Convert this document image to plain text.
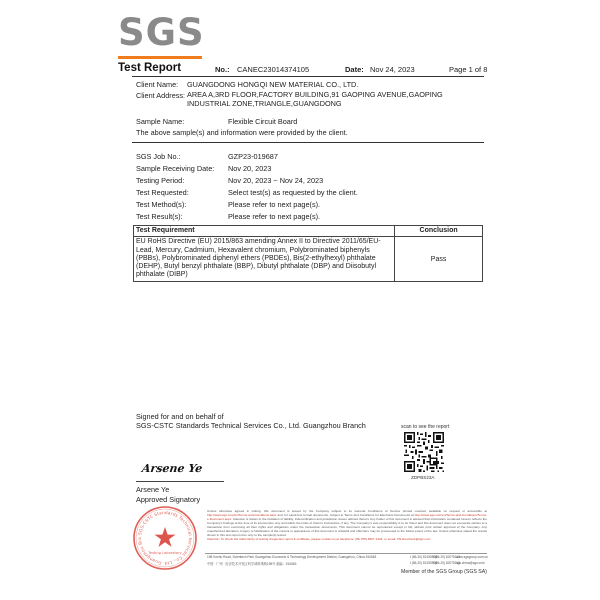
SGS
Test Report	No.: CANEC23014374105	Date: Nov 24, 2023	Page 1 of 8
Client Name: GUANGDONG HONGQI NEW MATERIAL CO., LTD.
Client Address: AREA A,3RD FLOOR,FACTORY BUILDING,91 GAOPING AVENUE,GAOPING INDUSTRIAL ZONE,TRIANGLE,GUANGDONG
Sample Name:	Flexible Circuit Board
The above sample(s) and information were provided by the client.
SGS Job No.:	GZP23-019687
Sample Receiving Date: Nov 20, 2023
Testing Period:	Nov 20, 2023 ~ Nov 24, 2023
Test Requested:	Select test(s) as requested by the client.
Test Method(s):	Please refer to next page(s).
Test Result(s):	Please refer to next page(s).
Test Requirement	Conclusion
EU RoHS Directive (EU) 2015/863 amending Annex II to Directive 2011/65/EU- Lead, Mercury, Cadmium, Hexavalent chromium, Polybrominated biphenyls (PBBs), Polybrominated diphenyl ethers (PBDEs), Bis(2-ethylhexyl) phthalate (DEHP), Butyl benzyl phthalate (BBP), Dibutyl phthalate (DBP) and Diisobutyl phthalate (DIBP)	Pass
Signed for and on behalf of
SGS-CSTC Standards Technical Services Co., Ltd. Guangzhou Branch	scan to see the report
ZDPBS23A
Arsene Ye
Arsene Ye
Approved Signatory
SGS-CSTC Standards Technical Services Co., Ltd. Guangzhou Bra
Testing Laboratory
Unless otherwise agreed in writing, this document is issued by the Company subject to its General Conditions of Service printed overleaf, available on request or accessible at http://www.sgs.com/en/Terms-and-Conditions.aspx and, for electronic format documents, subject to Terms and Conditions for Electronic Documents at http://www.sgs.com/en/Terms-and-Conditions/Terms-e-Document.aspx. Attention is drawn to the limitation of liability, indemnification and jurisdiction issues defined therein. Any holder of this document is advised that information contained hereon reflects the Company's findings at the time of its intervention only and within the limits of Client's instructions, if any. The Company's sole responsibility is to its Client and this document does not exonerate parties to a transaction from exercising all their rights and obligations under the transaction documents. This document cannot be reproduced except in full, without prior written approval of the Company. Any unauthorized alteration, forgery or falsification of the content or appearance of this document is unlawful and offenders may be prosecuted to the fullest extent of the law. Unless otherwise stated the results shown in this test report refer only to the sample(s) tested.
Attention: To check the authenticity of testing /inspection report & certificate, please contact us at telephone: (86-755) 8307 1443, or email: CN.Doccheck@sgs.com
198 Kezhu Road, Scientech Park Guangzhou Economic & Technology Development District, Guangzhou, China 510663	t (86-20) 82155555
f (86-20) 82075113
www.sgsgroup.com.cn
中国 · 广州 · 经济技术开发区科学城科珠路198号 邮编：510663	t (86-20) 82155555
f (86-20) 82075113
sgs.china@sgs.com
Member of the SGS Group (SGS SA)
